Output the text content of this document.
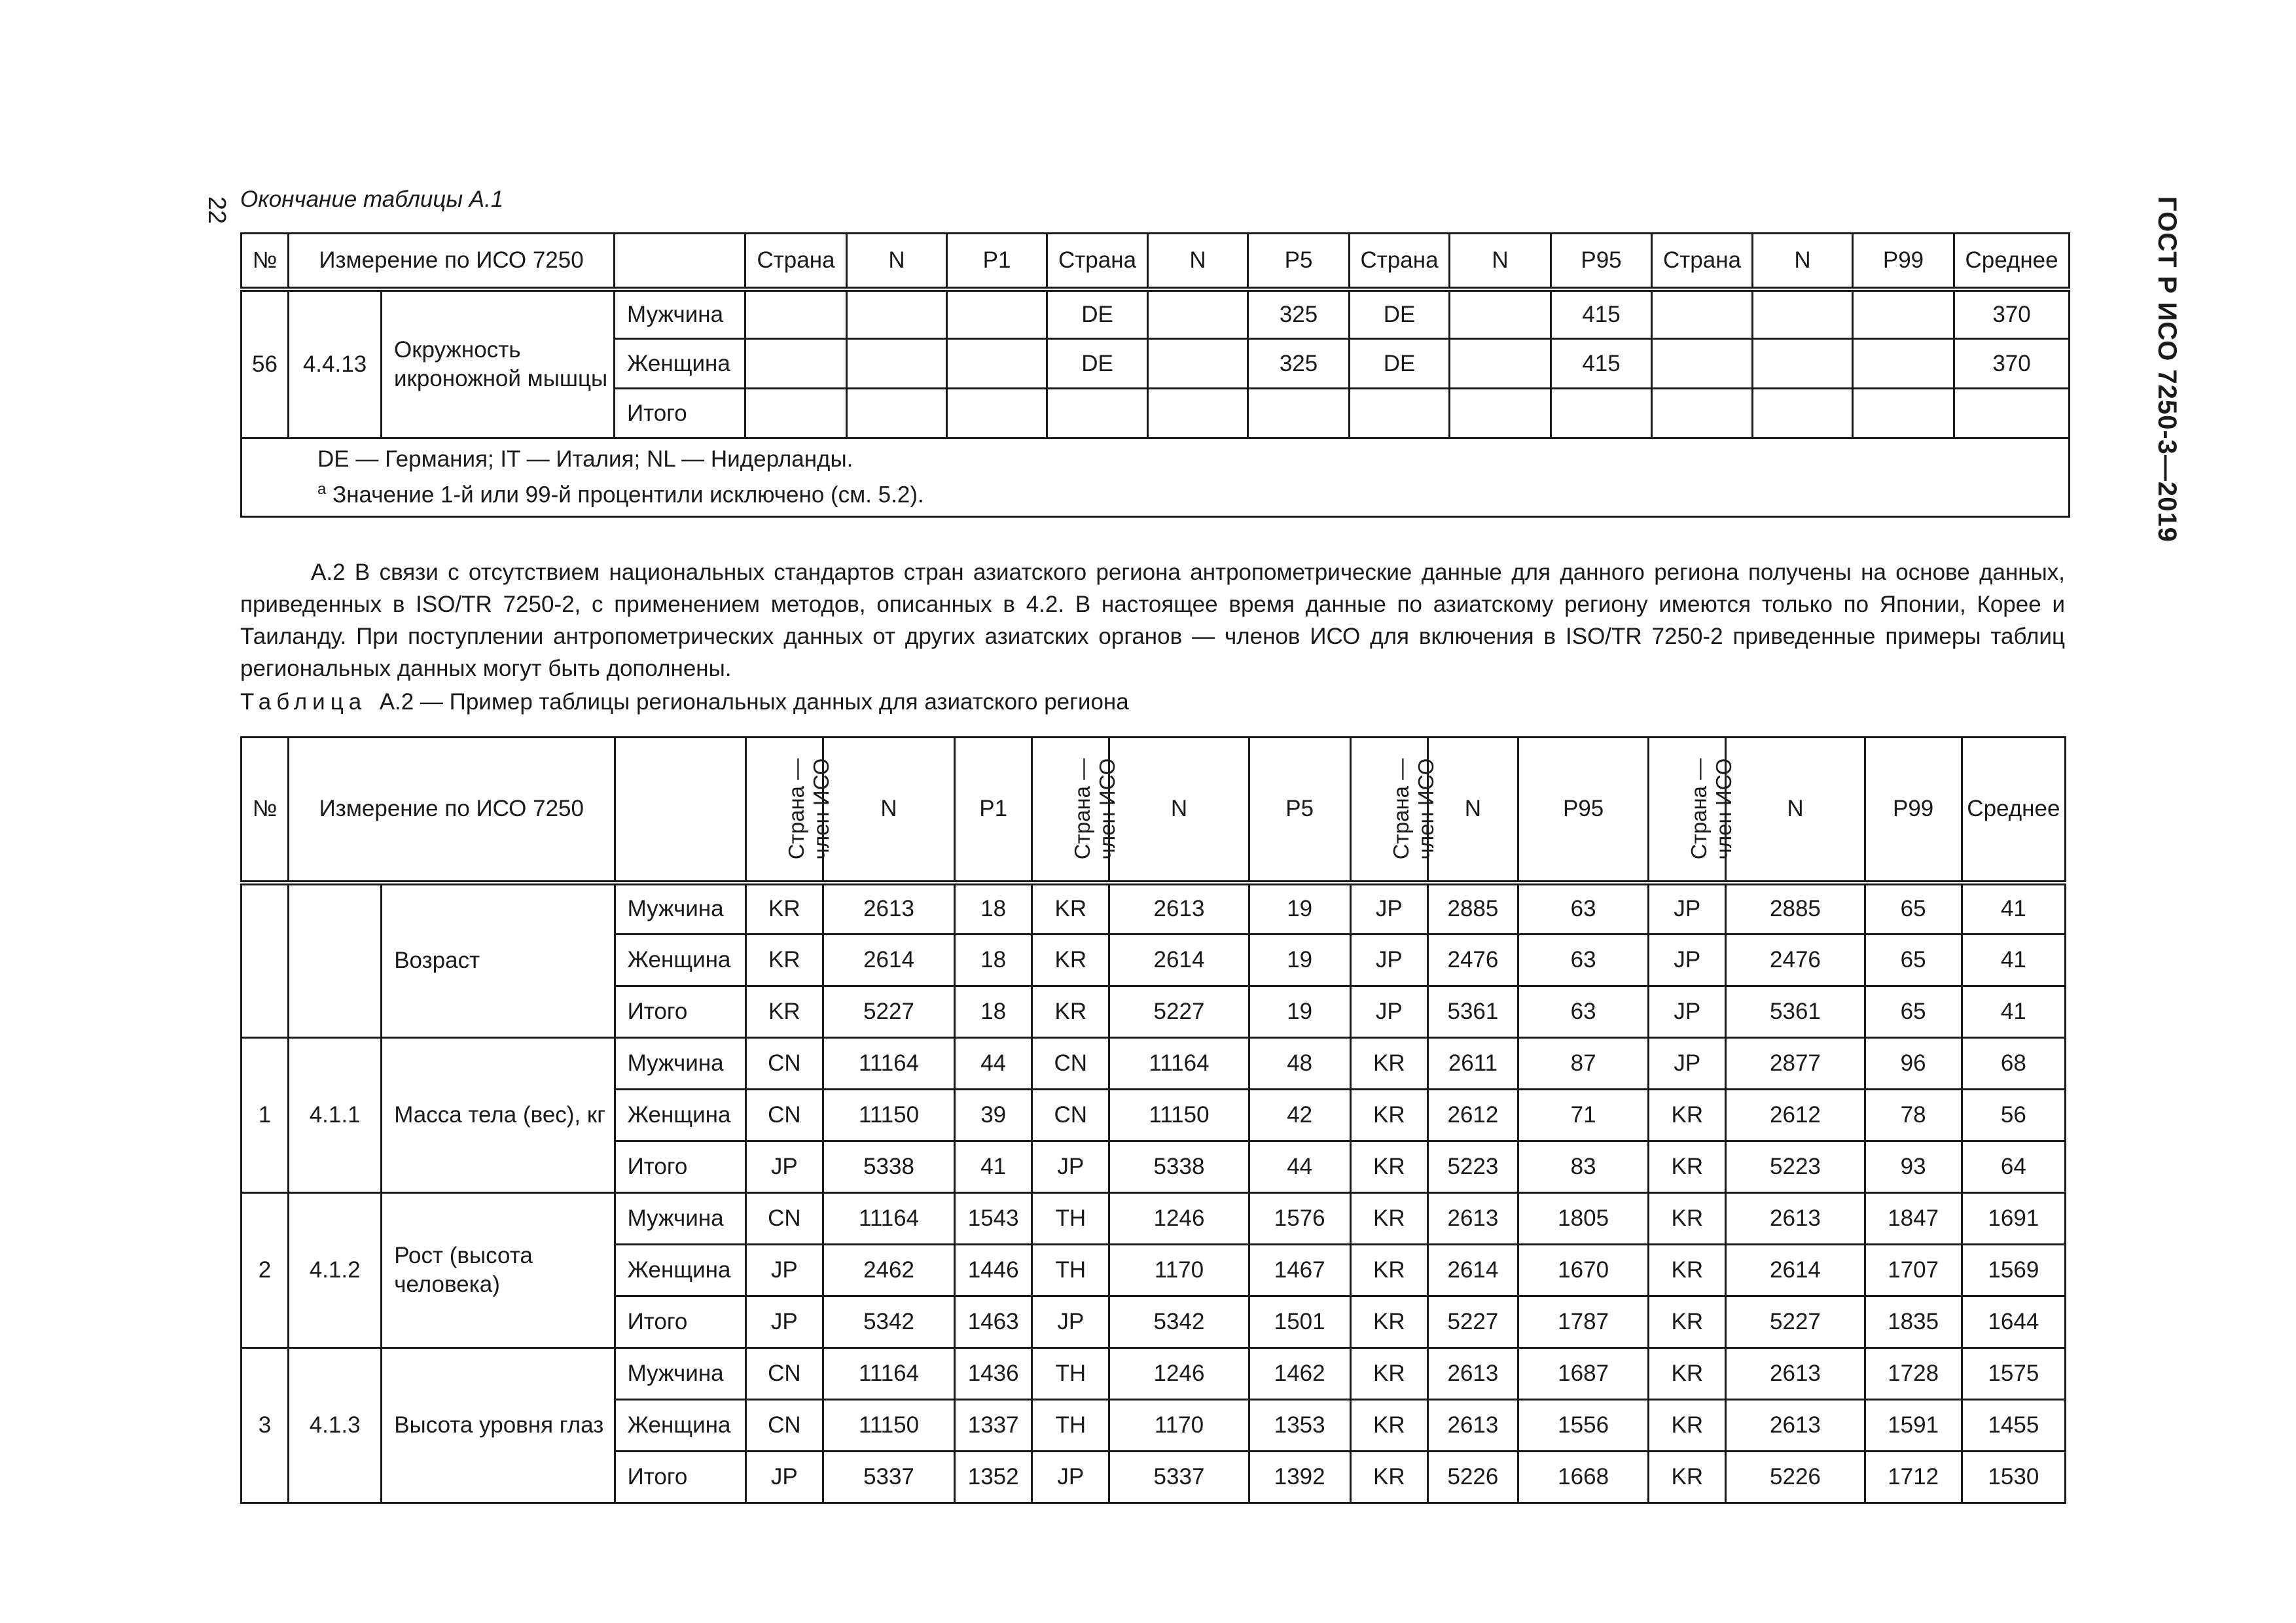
22	ГОСТ Р ИСО 7250-3—2019
Окончание таблицы А.1
№	Измерение по ИСО 7250			Страна	N	P1	Страна	N	P5	Страна	N	P95	Страна	N	P99	Среднее
56	4.4.13	Окружность икроножной мышцы	Мужчина				DE		325	DE		415				370
			Женщина				DE		325	DE		415				370
			Итого													

DE — Германия; IT — Италия; NL — Нидерланды.
$^a$ Значение 1-й или 99-й процентили исключено (см. 5.2).																

А.2 В связи с отсутствием национальных стандартов стран азиатского региона антропометрические данные для данного региона получены на основе данных, приведенных в ISO/TR 7250-2, с применением методов, описанных в 4.2. В настоящее время данные по азиатскому региону имеются только по Японии, Корее и Таиланду. При поступлении антропометрических данных от других азиатских органов — членов ИСО для включения в ISO/TR 7250-2 приведенные примеры таблиц региональных данных могут быть дополнены.

Таблица А.2 — Пример таблицы региональных данных для азиатского региона
№	Измерение по ИСО 7250			Страна — член ИСО	N	P1	Страна — член ИСО	N	P5	Страна — член ИСО	N	P95	Страна — член ИСО	N	P99	Среднее
		Возраст	Мужчина	KR	2613	18	KR	2613	19	JP	2885	63	JP	2885	65	41
			Женщина	KR	2614	18	KR	2614	19	JP	2476	63	JP	2476	65	41
			Итого	KR	5227	18	KR	5227	19	JP	5361	63	JP	5361	65	41
1	4.1.1	Масса тела (вес), кг	Мужчина	CN	11164	44	CN	11164	48	KR	2611	87	JP	2877	96	68
			Женщина	CN	11150	39	CN	11150	42	KR	2612	71	KR	2612	78	56
			Итого	JP	5338	41	JP	5338	44	KR	5223	83	KR	5223	93	64
2	4.1.2	Рост (высота человека)	Мужчина	CN	11164	1543	TH	1246	1576	KR	2613	1805	KR	2613	1847	1691
			Женщина	JP	2462	1446	TH	1170	1467	KR	2614	1670	KR	2614	1707	1569
			Итого	JP	5342	1463	JP	5342	1501	KR	5227	1787	KR	5227	1835	1644
3	4.1.3	Высота уровня глаз	Мужчина	CN	11164	1436	TH	1246	1462	KR	2613	1687	KR	2613	1728	1575
			Женщина	CN	11150	1337	TH	1170	1353	KR	2613	1556	KR	2613	1591	1455
			Итого	JP	5337	1352	JP	5337	1392	KR	5226	1668	KR	5226	1712	1530
